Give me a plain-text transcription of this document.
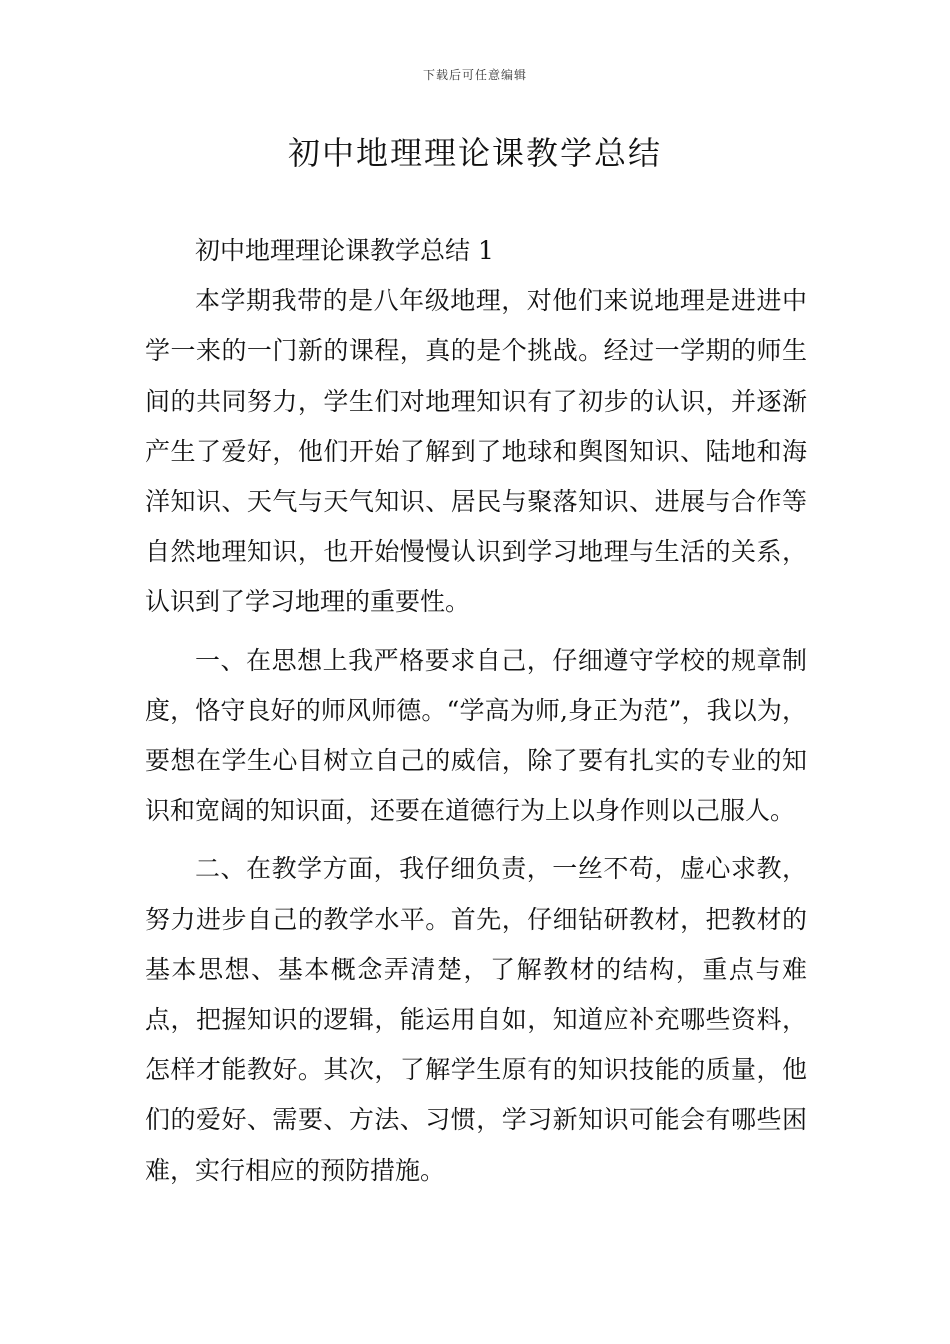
下载后可任意编辑
初中地理理论课教学总结

初中地理理论课教学总结 1

本学期我带的是八年级地理，对他们来说地理是进进中学一来的一门新的课程，真的是个挑战。经过一学期的师生间的共同努力，学生们对地理知识有了初步的认识，并逐渐产生了爱好，他们开始了解到了地球和舆图知识、陆地和海洋知识、天气与天气知识、居民与聚落知识、进展与合作等自然地理知识，也开始慢慢认识到学习地理与生活的关系，认识到了学习地理的重要性。

一、在思想上我严格要求自己，仔细遵守学校的规章制度，恪守良好的师风师德。“学高为师,身正为范”，我以为，要想在学生心目树立自己的威信，除了要有扎实的专业的知识和宽阔的知识面，还要在道德行为上以身作则以己服人。

二、在教学方面，我仔细负责，一丝不苟，虚心求教，努力进步自己的教学水平。首先，仔细钻研教材，把教材的基本思想、基本概念弄清楚，了解教材的结构，重点与难点，把握知识的逻辑，能运用自如，知道应补充哪些资料，怎样才能教好。其次，了解学生原有的知识技能的质量，他们的爱好、需要、方法、习惯，学习新知识可能会有哪些困难，实行相应的预防措施。
